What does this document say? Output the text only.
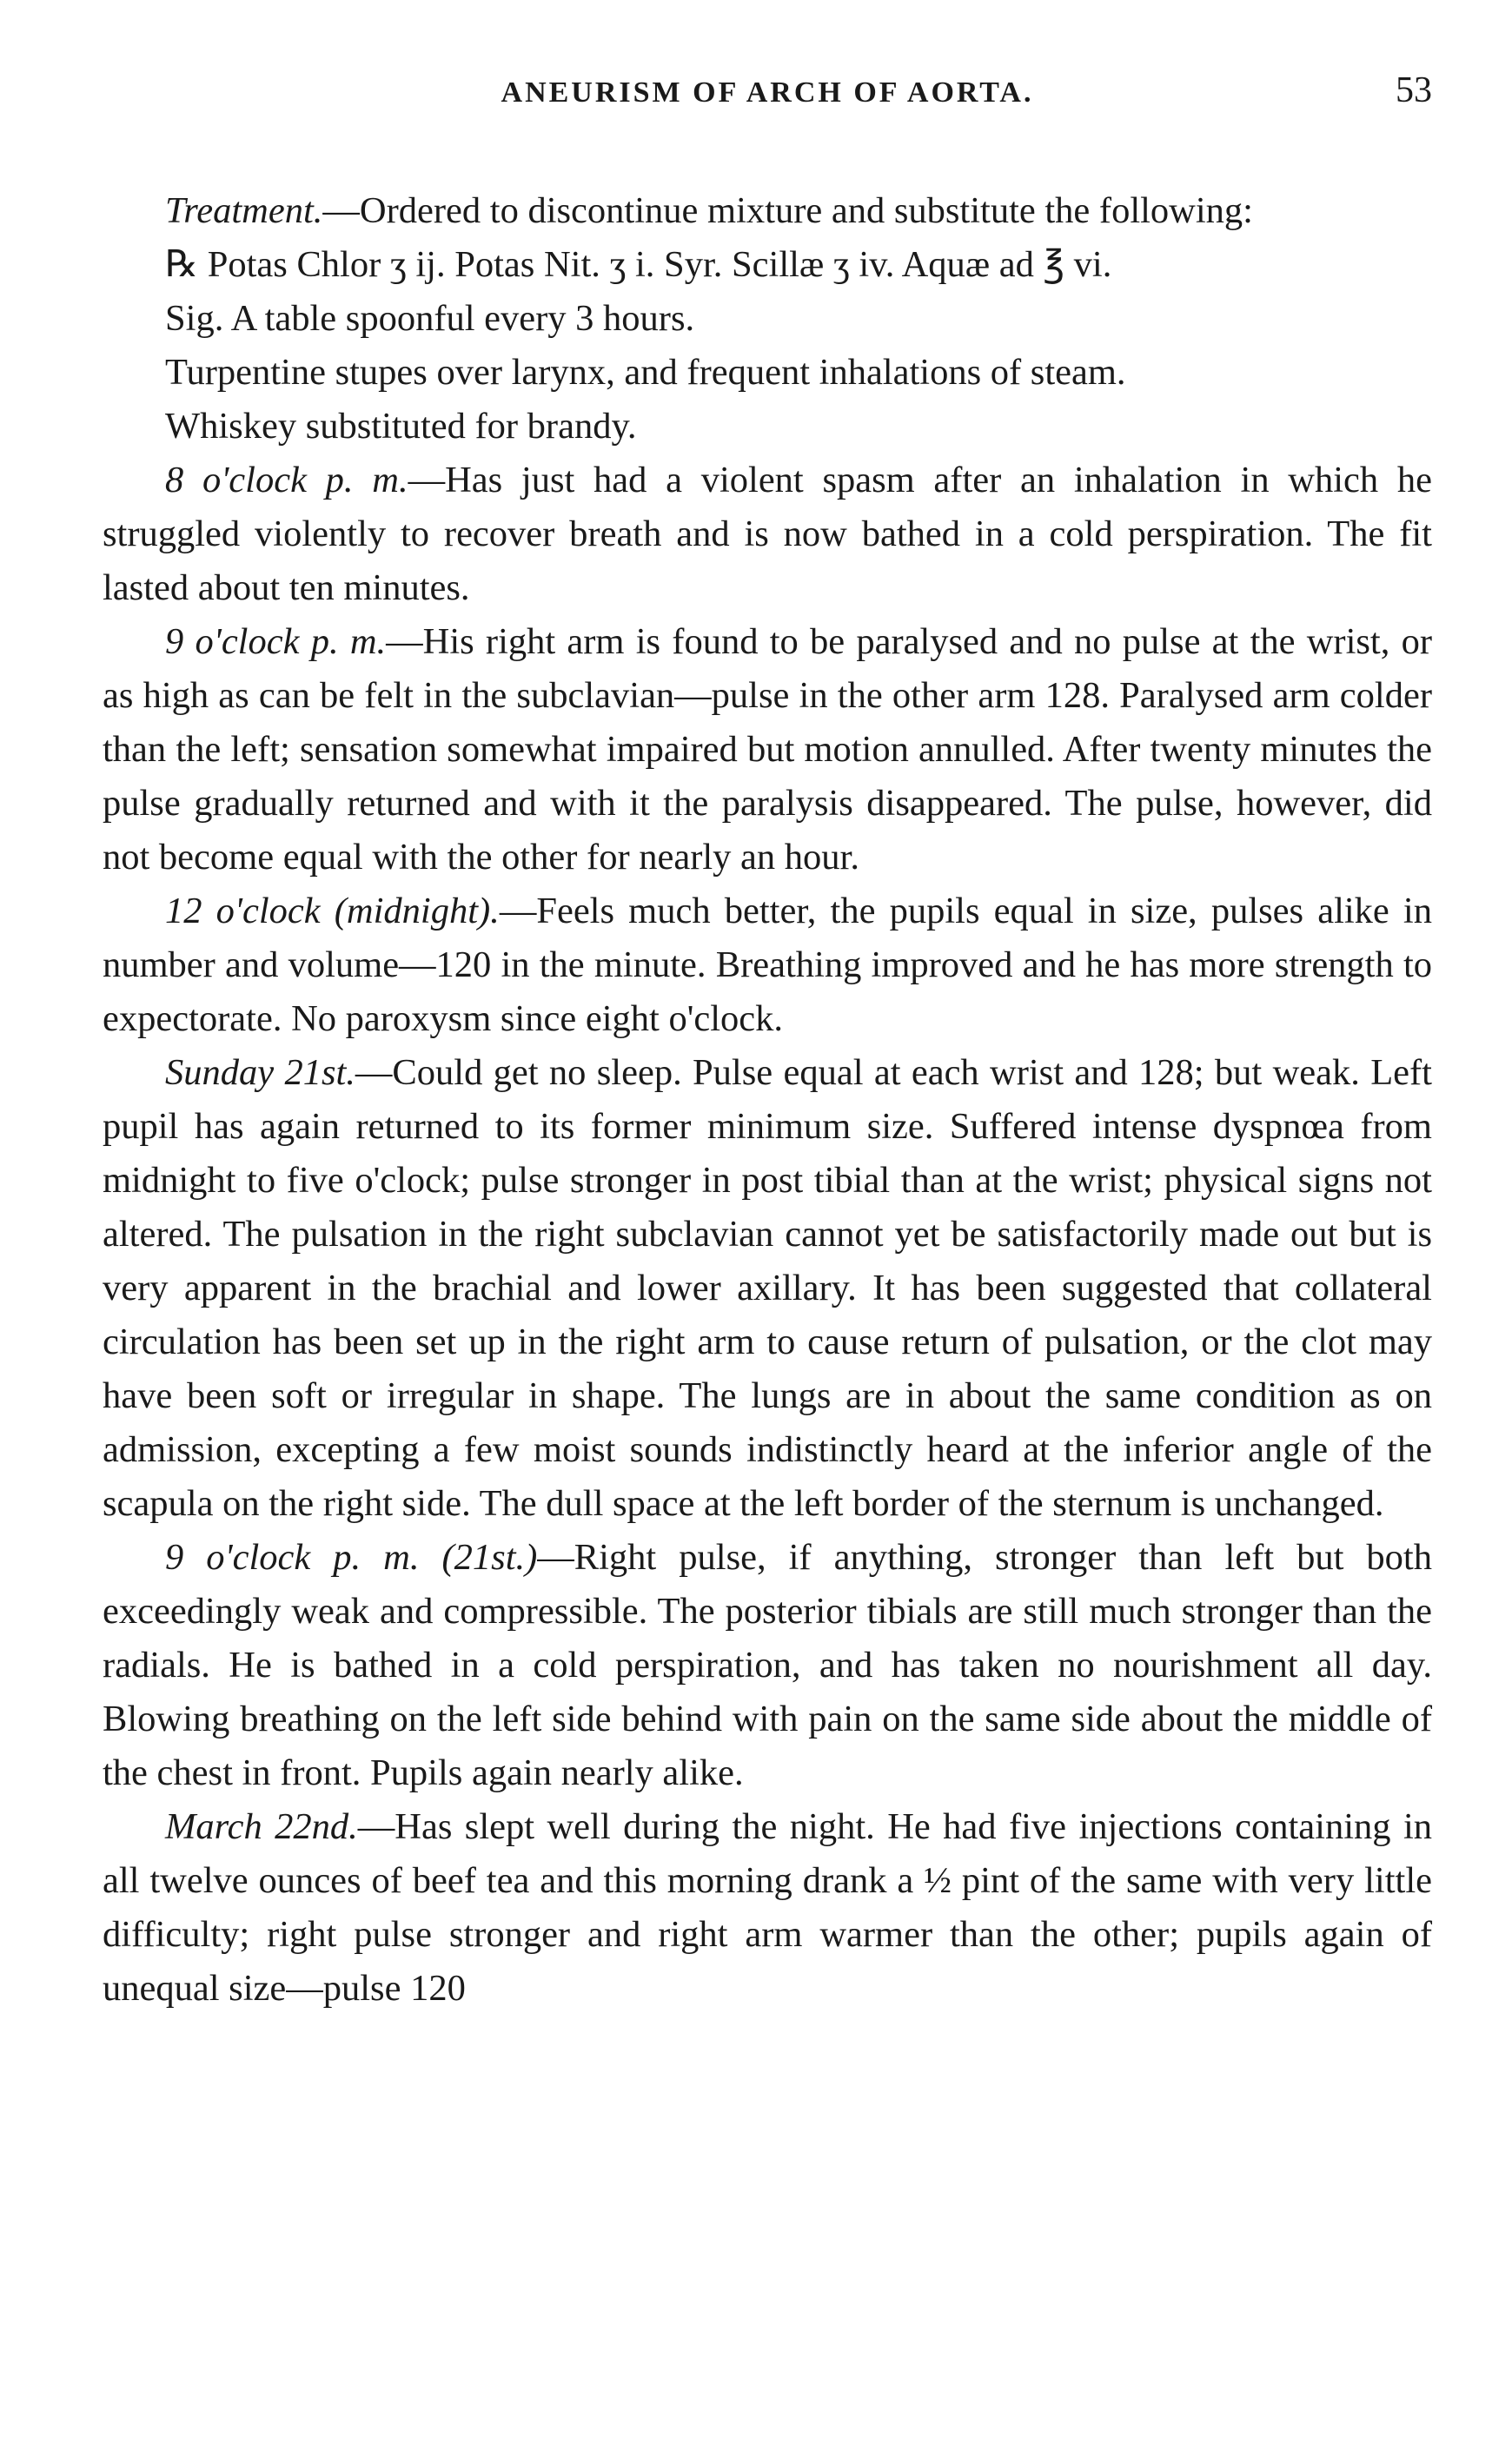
ANEURISM OF ARCH OF AORTA.	53

Treatment.—Ordered to discontinue mixture and substitute the following:

℞ Potas Chlor ʒ ij. Potas Nit. ʒ i. Syr. Scillæ ʒ iv. Aquæ ad ℥ vi.

Sig. A table spoonful every 3 hours.

Turpentine stupes over larynx, and frequent inhalations of steam.

Whiskey substituted for brandy.

8 o'clock p. m.—Has just had a violent spasm after an inhalation in which he struggled violently to recover breath and is now bathed in a cold perspiration. The fit lasted about ten minutes.

9 o'clock p. m.—His right arm is found to be paralysed and no pulse at the wrist, or as high as can be felt in the subclavian—pulse in the other arm 128. Paralysed arm colder than the left; sensation somewhat impaired but motion annulled. After twenty minutes the pulse gradually returned and with it the paralysis disappeared. The pulse, however, did not become equal with the other for nearly an hour.

12 o'clock (midnight).—Feels much better, the pupils equal in size, pulses alike in number and volume—120 in the minute. Breathing improved and he has more strength to expectorate. No paroxysm since eight o'clock.

Sunday 21st.—Could get no sleep. Pulse equal at each wrist and 128; but weak. Left pupil has again returned to its former minimum size. Suffered intense dyspnœa from midnight to five o'clock; pulse stronger in post tibial than at the wrist; physical signs not altered. The pulsation in the right subclavian cannot yet be satisfactorily made out but is very apparent in the brachial and lower axillary. It has been suggested that collateral circulation has been set up in the right arm to cause return of pulsation, or the clot may have been soft or irregular in shape. The lungs are in about the same condition as on admission, excepting a few moist sounds indistinctly heard at the inferior angle of the scapula on the right side. The dull space at the left border of the sternum is unchanged.

9 o'clock p. m. (21st.)—Right pulse, if anything, stronger than left but both exceedingly weak and compressible. The posterior tibials are still much stronger than the radials. He is bathed in a cold perspiration, and has taken no nourishment all day. Blowing breathing on the left side behind with pain on the same side about the middle of the chest in front. Pupils again nearly alike.

March 22nd.—Has slept well during the night. He had five injections containing in all twelve ounces of beef tea and this morning drank a ½ pint of the same with very little difficulty; right pulse stronger and right arm warmer than the other; pupils again of unequal size—pulse 120
